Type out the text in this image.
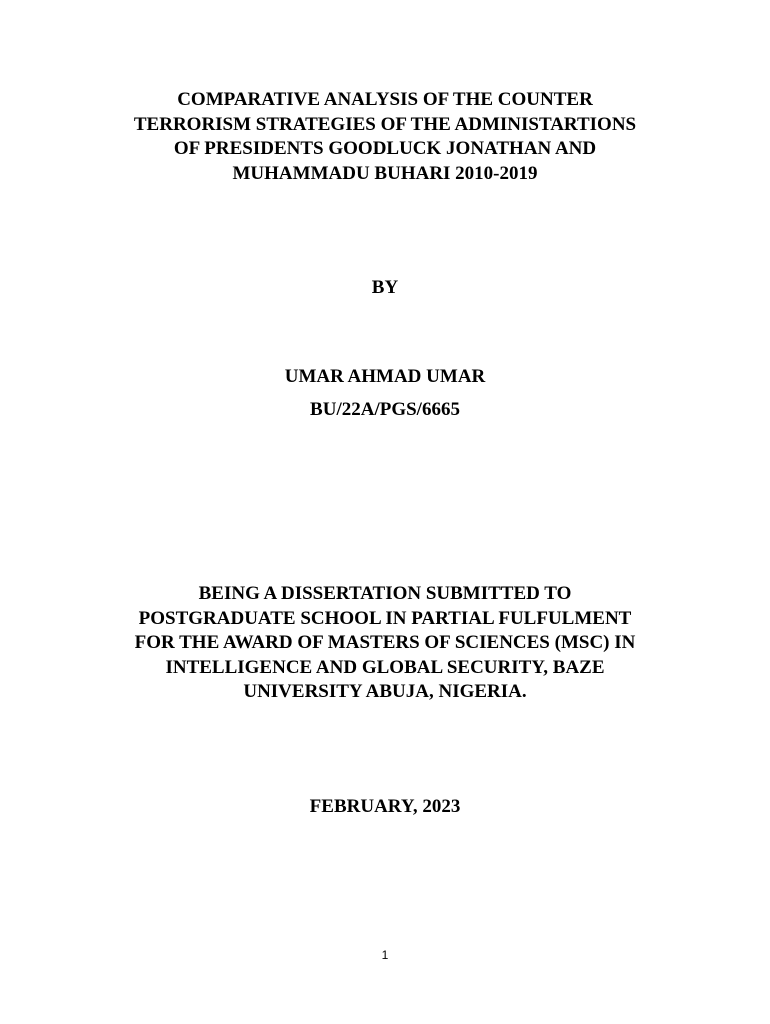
COMPARATIVE ANALYSIS OF THE COUNTER
TERRORISM STRATEGIES OF THE ADMINISTARTIONS
OF PRESIDENTS GOODLUCK JONATHAN AND
MUHAMMADU BUHARI 2010-2019
BY
UMAR AHMAD UMAR
BU/22A/PGS/6665
BEING A DISSERTATION SUBMITTED TO
POSTGRADUATE SCHOOL IN PARTIAL FULFULMENT
FOR THE AWARD OF MASTERS OF SCIENCES (MSC) IN
INTELLIGENCE AND GLOBAL SECURITY, BAZE
UNIVERSITY ABUJA, NIGERIA.
FEBRUARY, 2023
1
